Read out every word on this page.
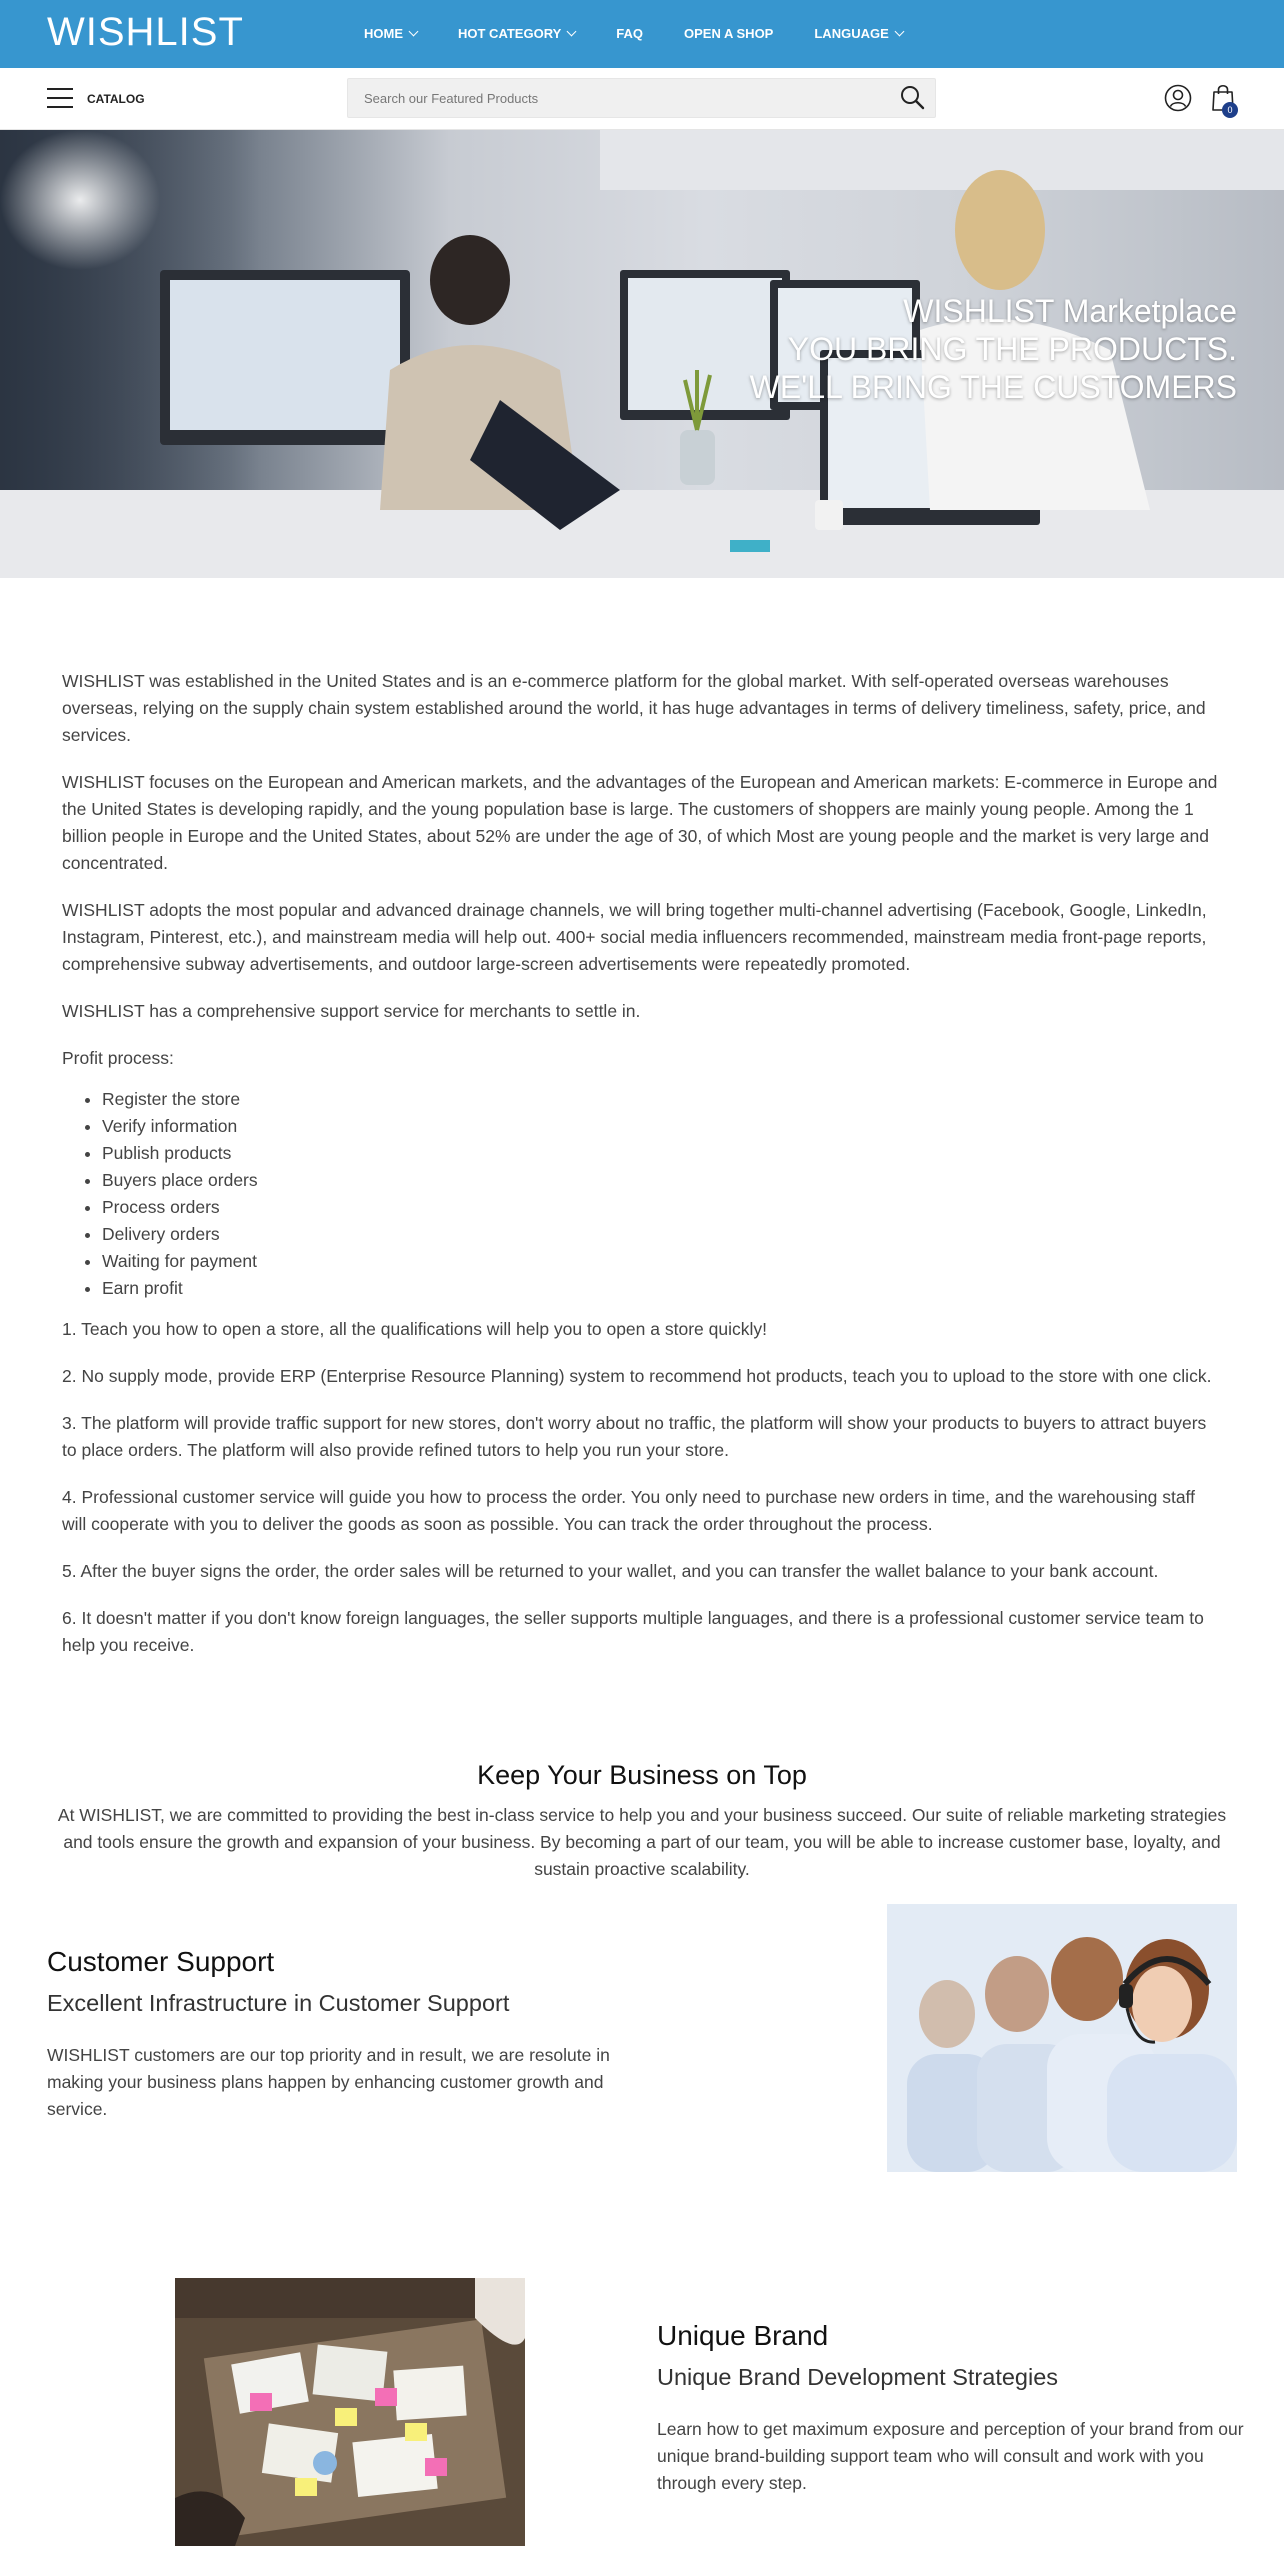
WISHLIST	HOME	HOT CATEGORY	FAQ	OPEN A SHOP	LANGUAGE
CATALOG
Search our Featured Products
0
WISHLIST Marketplace
YOU BRING THE PRODUCTS.
WE'LL BRING THE CUSTOMERS

WISHLIST was established in the United States and is an e-commerce platform for the global market. With self-operated overseas warehouses overseas, relying on the supply chain system established around the world, it has huge advantages in terms of delivery timeliness, safety, price, and services.

WISHLIST focuses on the European and American markets, and the advantages of the European and American markets: E-commerce in Europe and the United States is developing rapidly, and the young population base is large. The customers of shoppers are mainly young people. Among the 1 billion people in Europe and the United States, about 52% are under the age of 30, of which Most are young people and the market is very large and concentrated.

WISHLIST adopts the most popular and advanced drainage channels, we will bring together multi-channel advertising (Facebook, Google, LinkedIn, Instagram, Pinterest, etc.), and mainstream media will help out. 400+ social media influencers recommended, mainstream media front-page reports, comprehensive subway advertisements, and outdoor large-screen advertisements were repeatedly promoted.

WISHLIST has a comprehensive support service for merchants to settle in.

Profit process:

• Register the store
• Verify information
• Publish products
• Buyers place orders
• Process orders
• Delivery orders
• Waiting for payment
• Earn profit

1. Teach you how to open a store, all the qualifications will help you to open a store quickly!

2. No supply mode, provide ERP (Enterprise Resource Planning) system to recommend hot products, teach you to upload to the store with one click.

3. The platform will provide traffic support for new stores, don't worry about no traffic, the platform will show your products to buyers to attract buyers to place orders. The platform will also provide refined tutors to help you run your store.

4. Professional customer service will guide you how to process the order. You only need to purchase new orders in time, and the warehousing staff will cooperate with you to deliver the goods as soon as possible. You can track the order throughout the process.

5. After the buyer signs the order, the order sales will be returned to your wallet, and you can transfer the wallet balance to your bank account.

6. It doesn't matter if you don't know foreign languages, the seller supports multiple languages, and there is a professional customer service team to help you receive.

Keep Your Business on Top
At WISHLIST, we are committed to providing the best in-class service to help you and your business succeed. Our suite of reliable marketing strategies and tools ensure the growth and expansion of your business. By becoming a part of our team, you will be able to increase customer base, loyalty, and sustain proactive scalability.
Customer Support
Excellent Infrastructure in Customer Support
WISHLIST customers are our top priority and in result, we are resolute in making your business plans happen by enhancing customer growth and service.
Unique Brand
Unique Brand Development Strategies
Learn how to get maximum exposure and perception of your brand from our unique brand-building support team who will consult and work with you through every step.
